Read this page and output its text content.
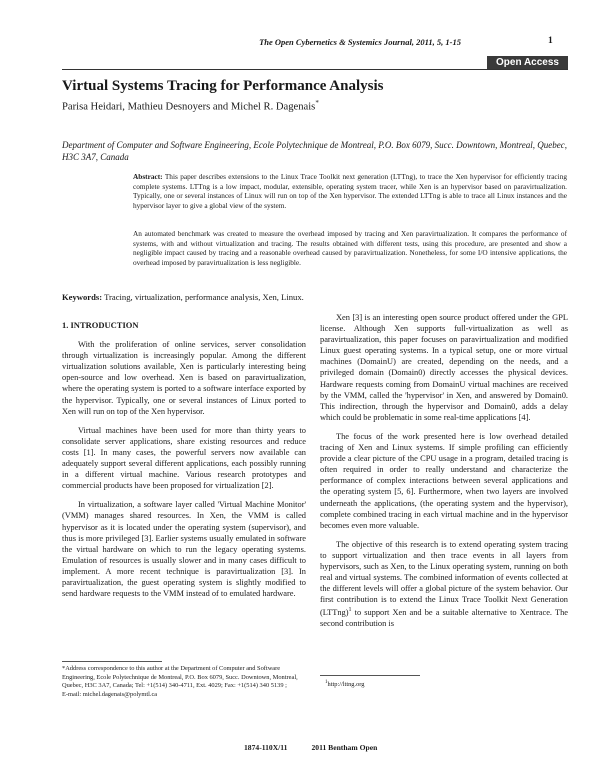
The Open Cybernetics & Systemics Journal, 2011, 5, 1-15	1
Open Access
Virtual Systems Tracing for Performance Analysis
Parisa Heidari, Mathieu Desnoyers and Michel R. Dagenais*
Department of Computer and Software Engineering, Ecole Polytechnique de Montreal, P.O. Box 6079, Succ. Downtown, Montreal, Quebec, H3C 3A7, Canada

Abstract: This paper describes extensions to the Linux Trace Toolkit next generation (LTTng), to trace the Xen hypervisor for efficiently tracing complete systems. LTTng is a low impact, modular, extensible, operating system tracer, while Xen is an hypervisor based on paravirtualization. Typically, one or several instances of Linux will run on top of the Xen hypervisor. The extended LTTng is able to trace all Linux instances and the hypervisor layer to give a global view of the system.

An automated benchmark was created to measure the overhead imposed by tracing and Xen paravirtualization. It compares the performance of systems, with and without virtualization and tracing. The results obtained with different tests, using this procedure, are presented and show a negligible impact caused by tracing and a reasonable overhead caused by paravirtualization. Nonetheless, for some I/O intensive applications, the overhead imposed by paravirtualization is less negligible.

Keywords: Tracing, virtualization, performance analysis, Xen, Linux.
1. INTRODUCTION

With the proliferation of online services, server consolidation through virtualization is increasingly popular. Among the different virtualization solutions available, Xen is particularly interesting being open-source and low overhead. Xen is based on paravirtualization, where the operating system is ported to a software interface exported by the hypervisor. Typically, one or several instances of Linux ported to Xen will run on top of the Xen hypervisor.

Virtual machines have been used for more than thirty years to consolidate server applications, share existing resources and reduce costs [1]. In many cases, the powerful servers now available can adequately support several different applications, each possibly running in a different virtual machine. Various research prototypes and commercial products have been proposed for virtualization [2].

In virtualization, a software layer called 'Virtual Machine Monitor' (VMM) manages shared resources. In Xen, the VMM is called hypervisor as it is located under the operating system (supervisor), and thus is more privileged [3]. Earlier systems usually emulated in software the virtual hardware on which to run the legacy operating systems. Emulation of resources is usually slower and in many cases difficult to implement. A more recent technique is paravirtualization [3]. In paravirtualization, the guest operating system is slightly modified to send hardware requests to the VMM instead of to emulated hardware.

Xen [3] is an interesting open source product offered under the GPL license. Although Xen supports full-virtualization as well as paravirtualization, this paper focuses on paravirtualization and modified Linux guest operating systems. In a typical setup, one or more virtual machines (DomainU) are created, depending on the needs, and a privileged domain (Domain0) directly accesses the physical devices. Hardware requests coming from DomainU virtual machines are received by the VMM, called the 'hypervisor' in Xen, and answered by Domain0. This indirection, through the hypervisor and Domain0, adds a delay which could be problematic in some real-time applications [4].

The focus of the work presented here is low overhead detailed tracing of Xen and Linux systems. If simple profiling can efficiently provide a clear picture of the CPU usage in a program, detailed tracing is often required in order to really understand and characterize the performance of complex interactions between several applications and the operating system [5, 6]. Furthermore, when two layers are involved underneath the applications, (the operating system and the hypervisor), complete combined tracing in each virtual machine and in the hypervisor becomes even more valuable.

The objective of this research is to extend operating system tracing to support virtualization and then trace events in all layers from hypervisors, such as Xen, to the Linux operating system, running on both real and virtual systems. The combined information of events collected at the different levels will offer a global picture of the system behavior. Our first contribution is to extend the Linux Trace Toolkit Next Generation (LTTng)$^1$ to support Xen and be a suitable alternative to Xentrace. The second contribution is

*Address correspondence to this author at the Department of Computer and Software Engineering, Ecole Polytechnique de Montreal, P.O. Box 6079, Succ. Downtown, Montreal, Quebec, H3C 3A7, Canada; Tel: +1(514) 340-4711, Ext. 4029; Fax: +1(514) 340 5139 ;
E-mail: michel.dagenais@polymtl.ca
$^1$http://lttng.org
1874-110X/11	2011 Bentham Open
